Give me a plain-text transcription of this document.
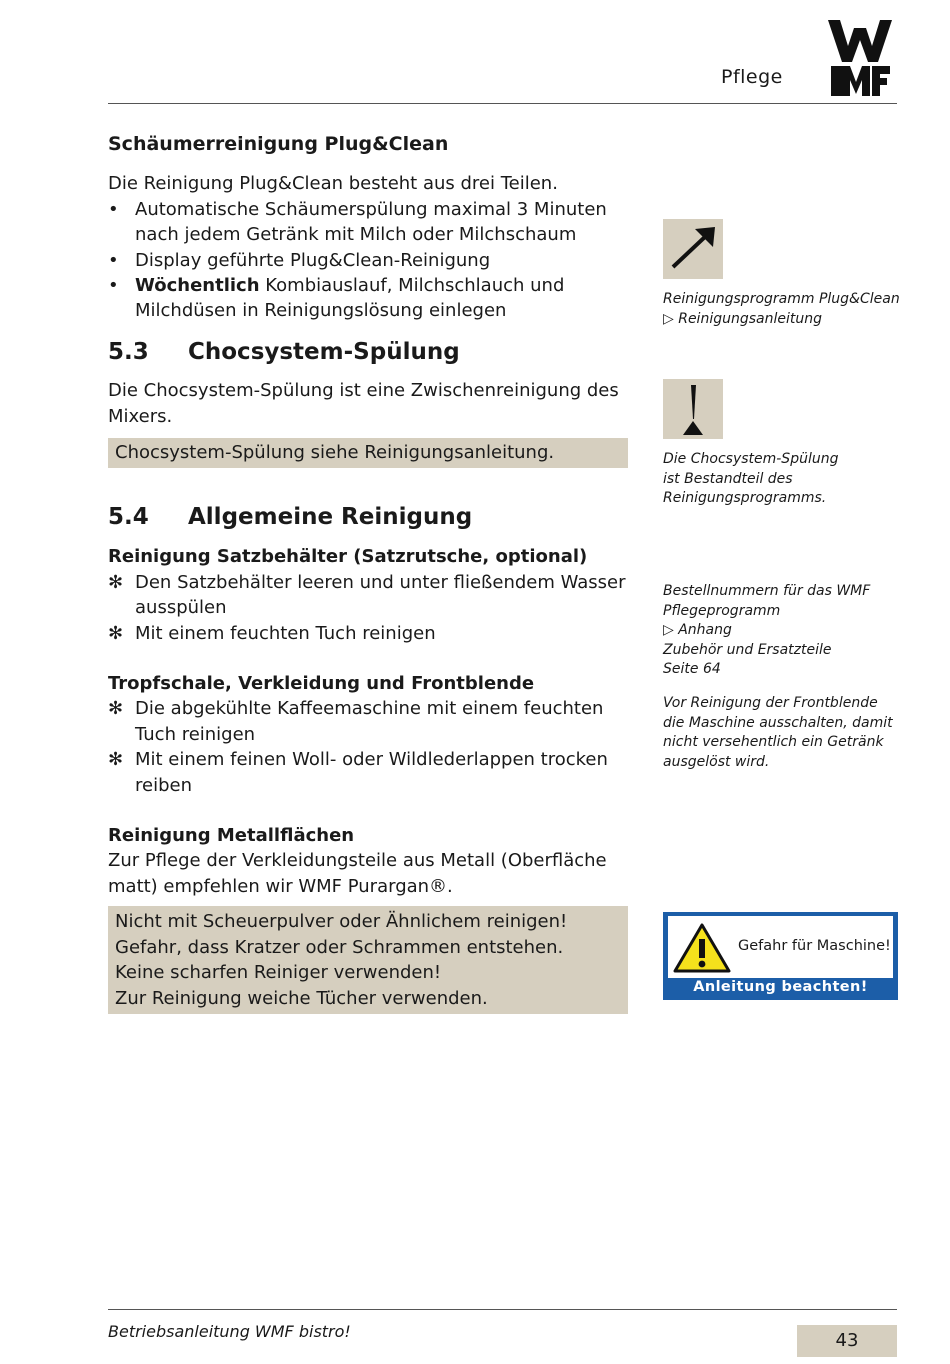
Pflege
Schäumerreinigung Plug&Clean

Die Reinigung Plug&Clean besteht aus drei Teilen.

• Automatische Schäumerspülung maximal 3 Minuten
nach jedem Getränk mit Milch oder Milchschaum
• Display geführte Plug&Clean-Reinigung
• Wöchentlich Kombiauslauf, Milchschlauch und
Milchdüsen in Reinigungslösung einlegen
5.3	Chocsystem-Spülung

Die Chocsystem-Spülung ist eine Zwischenreinigung des
Mixers.

Chocsystem-Spülung siehe Reinigungsanleitung.
5.4	Allgemeine Reinigung
Reinigung Satzbehälter (Satzrutsche, optional)
✻ Den Satzbehälter leeren und unter fließendem Wasser
ausspülen
✻ Mit einem feuchten Tuch reinigen
Tropfschale, Verkleidung und Frontblende
✻ Die abgekühlte Kaffeemaschine mit einem feuchten
Tuch reinigen
✻ Mit einem feinen Woll- oder Wildlederlappen trocken
reiben
Reinigung Metallflächen

Zur Pflege der Verkleidungsteile aus Metall (Oberfläche
matt) empfehlen wir WMF Purargan®.

Nicht mit Scheuerpulver oder Ähnlichem reinigen!
Gefahr, dass Kratzer oder Schrammen entstehen.
Keine scharfen Reiniger verwenden!
Zur Reinigung weiche Tücher verwenden.
Reinigungsprogramm Plug&Clean
▷ Reinigungsanleitung
Die Chocsystem-Spülung
ist Bestandteil des
Reinigungsprogramms.
Bestellnummern für das WMF
Pflegeprogramm
▷ Anhang
Zubehör und Ersatzteile
Seite 64
Vor Reinigung der Frontblende
die Maschine ausschalten, damit
nicht versehentlich ein Getränk
ausgelöst wird.
Gefahr für Maschine!
Anleitung beachten!
Betriebsanleitung WMF bistro!	43
